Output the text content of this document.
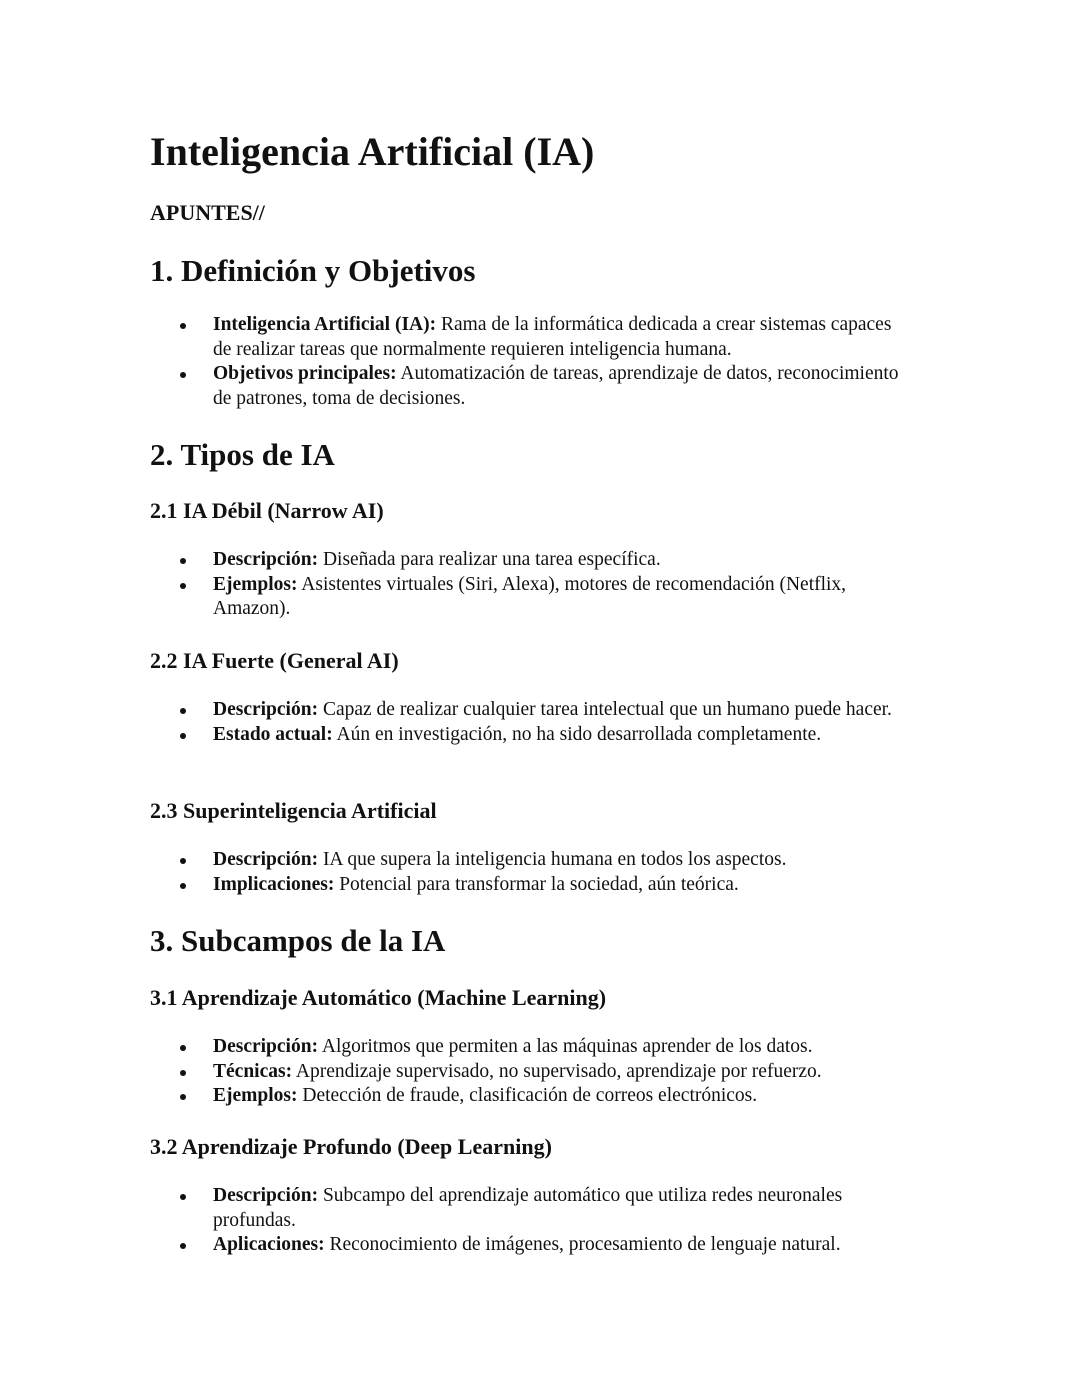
Inteligencia Artificial (IA)
APUNTES//
1. Definición y Objetivos
Inteligencia Artificial (IA): Rama de la informática dedicada a crear sistemas capaces de realizar tareas que normalmente requieren inteligencia humana.
Objetivos principales: Automatización de tareas, aprendizaje de datos, reconocimiento de patrones, toma de decisiones.
2. Tipos de IA
2.1 IA Débil (Narrow AI)
Descripción: Diseñada para realizar una tarea específica.
Ejemplos: Asistentes virtuales (Siri, Alexa), motores de recomendación (Netflix, Amazon).
2.2 IA Fuerte (General AI)
Descripción: Capaz de realizar cualquier tarea intelectual que un humano puede hacer.
Estado actual: Aún en investigación, no ha sido desarrollada completamente.
2.3 Superinteligencia Artificial
Descripción: IA que supera la inteligencia humana en todos los aspectos.
Implicaciones: Potencial para transformar la sociedad, aún teórica.
3. Subcampos de la IA
3.1 Aprendizaje Automático (Machine Learning)
Descripción: Algoritmos que permiten a las máquinas aprender de los datos.
Técnicas: Aprendizaje supervisado, no supervisado, aprendizaje por refuerzo.
Ejemplos: Detección de fraude, clasificación de correos electrónicos.
3.2 Aprendizaje Profundo (Deep Learning)
Descripción: Subcampo del aprendizaje automático que utiliza redes neuronales profundas.
Aplicaciones: Reconocimiento de imágenes, procesamiento de lenguaje natural.
